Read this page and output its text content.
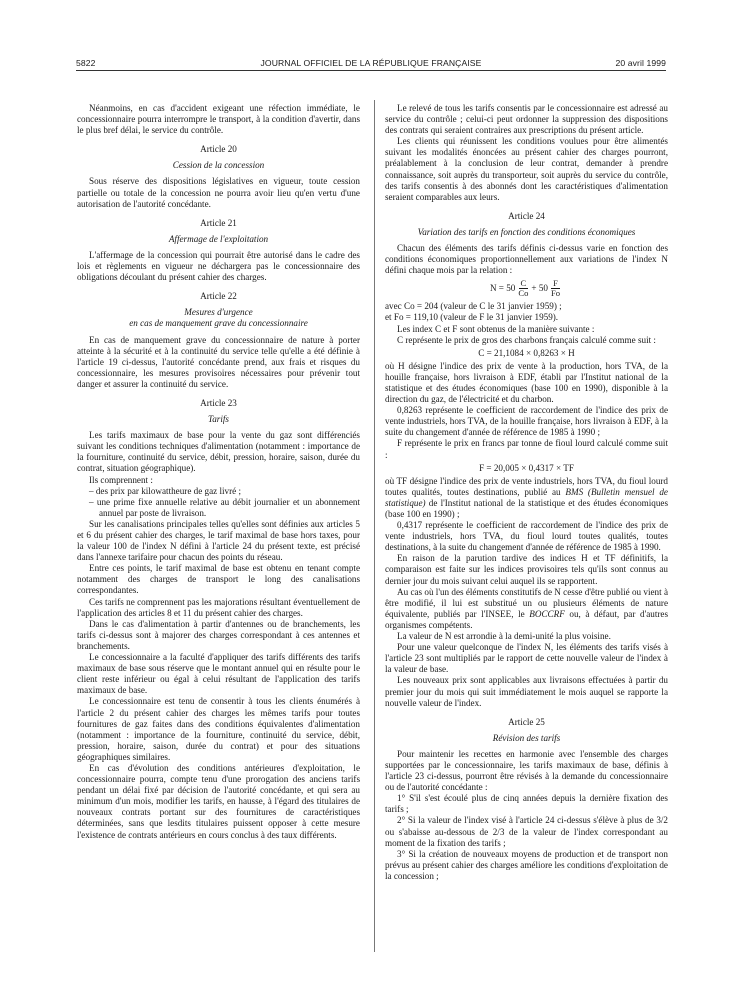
5822	JOURNAL OFFICIEL DE LA RÉPUBLIQUE FRANÇAISE	20 avril 1999

Néanmoins, en cas d'accident exigeant une réfection immédiate, le concessionnaire pourra interrompre le transport, à la condition d'avertir, dans le plus bref délai, le service du contrôle.

Article 20

Cession de la concession

Sous réserve des dispositions législatives en vigueur, toute cession partielle ou totale de la concession ne pourra avoir lieu qu'en vertu d'une autorisation de l'autorité concédante.

Article 21

Affermage de l'exploitation

L'affermage de la concession qui pourrait être autorisé dans le cadre des lois et règlements en vigueur ne déchargera pas le concessionnaire des obligations découlant du présent cahier des charges.

Article 22

Mesures d'urgence

en cas de manquement grave du concessionnaire

En cas de manquement grave du concessionnaire de nature à porter atteinte à la sécurité et à la continuité du service telle qu'elle a été définie à l'article 19 ci-dessus, l'autorité concédante prend, aux frais et risques du concessionnaire, les mesures provisoires nécessaires pour prévenir tout danger et assurer la continuité du service.

Article 23

Tarifs

Les tarifs maximaux de base pour la vente du gaz sont différenciés suivant les conditions techniques d'alimentation (notamment : importance de la fourniture, continuité du service, débit, pression, horaire, saison, durée du contrat, situation géographique).

Ils comprennent :

– des prix par kilowattheure de gaz livré ;

– une prime fixe annuelle relative au débit journalier et un abonnement annuel par poste de livraison.

Sur les canalisations principales telles qu'elles sont définies aux articles 5 et 6 du présent cahier des charges, le tarif maximal de base hors taxes, pour la valeur 100 de l'index N défini à l'article 24 du présent texte, est précisé dans l'annexe tarifaire pour chacun des points du réseau.

Entre ces points, le tarif maximal de base est obtenu en tenant compte notamment des charges de transport le long des canalisations correspondantes.

Ces tarifs ne comprennent pas les majorations résultant éventuellement de l'application des articles 8 et 11 du présent cahier des charges.

Dans le cas d'alimentation à partir d'antennes ou de branchements, les tarifs ci-dessus sont à majorer des charges correspondant à ces antennes et branchements.

Le concessionnaire a la faculté d'appliquer des tarifs différents des tarifs maximaux de base sous réserve que le montant annuel qui en résulte pour le client reste inférieur ou égal à celui résultant de l'application des tarifs maximaux de base.

Le concessionnaire est tenu de consentir à tous les clients énumérés à l'article 2 du présent cahier des charges les mêmes tarifs pour toutes fournitures de gaz faites dans des conditions équivalentes d'alimentation (notamment : importance de la fourniture, continuité du service, débit, pression, horaire, saison, durée du contrat) et pour des situations géographiques similaires.

En cas d'évolution des conditions antérieures d'exploitation, le concessionnaire pourra, compte tenu d'une prorogation des anciens tarifs pendant un délai fixé par décision de l'autorité concédante, et qui sera au minimum d'un mois, modifier les tarifs, en hausse, à l'égard des titulaires de nouveaux contrats portant sur des fournitures de caractéristiques déterminées, sans que lesdits titulaires puissent opposer à cette mesure l'existence de contrats antérieurs en cours conclus à des taux différents.

Le relevé de tous les tarifs consentis par le concessionnaire est adressé au service du contrôle ; celui-ci peut ordonner la suppression des dispositions des contrats qui seraient contraires aux prescriptions du présent article.

Les clients qui réunissent les conditions voulues pour être alimentés suivant les modalités énoncées au présent cahier des charges pourront, préalablement à la conclusion de leur contrat, demander à prendre connaissance, soit auprès du transporteur, soit auprès du service du contrôle, des tarifs consentis à des abonnés dont les caractéristiques d'alimentation seraient comparables aux leurs.

Article 24

Variation des tarifs en fonction des conditions économiques

Chacun des éléments des tarifs définis ci-dessus varie en fonction des conditions économiques proportionnellement aux variations de l'index N défini chaque mois par la relation :

$N = 50 \frac{C}{Co} + 50 \frac{F}{Fo}$

avec Co = 204 (valeur de C le 31 janvier 1959) ;

et Fo = 119,10 (valeur de F le 31 janvier 1959).

Les index C et F sont obtenus de la manière suivante :

C représente le prix de gros des charbons français calculé comme suit :

C = 21,1084 × 0,8263 × H

où H désigne l'indice des prix de vente à la production, hors TVA, de la houille française, hors livraison à EDF, établi par l'Institut national de la statistique et des études économiques (base 100 en 1990), disponible à la direction du gaz, de l'électricité et du charbon.

0,8263 représente le coefficient de raccordement de l'indice des prix de vente industriels, hors TVA, de la houille française, hors livraison à EDF, à la suite du changement d'année de référence de 1985 à 1990 ;

F représente le prix en francs par tonne de fioul lourd calculé comme suit :

F = 20,005 × 0,4317 × TF

où TF désigne l'indice des prix de vente industriels, hors TVA, du fioul lourd toutes qualités, toutes destinations, publié au BMS (Bulletin mensuel de statistique) de l'Institut national de la statistique et des études économiques (base 100 en 1990) ;

0,4317 représente le coefficient de raccordement de l'indice des prix de vente industriels, hors TVA, du fioul lourd toutes qualités, toutes destinations, à la suite du changement d'année de référence de 1985 à 1990.

En raison de la parution tardive des indices H et TF définitifs, la comparaison est faite sur les indices provisoires tels qu'ils sont connus au dernier jour du mois suivant celui auquel ils se rapportent.

Au cas où l'un des éléments constitutifs de N cesse d'être publié ou vient à être modifié, il lui est substitué un ou plusieurs éléments de nature équivalente, publiés par l'INSEE, le BOCCRF ou, à défaut, par d'autres organismes compétents.

La valeur de N est arrondie à la demi-unité la plus voisine.

Pour une valeur quelconque de l'index N, les éléments des tarifs visés à l'article 23 sont multipliés par le rapport de cette nouvelle valeur de l'index à la valeur de base.

Les nouveaux prix sont applicables aux livraisons effectuées à partir du premier jour du mois qui suit immédiatement le mois auquel se rapporte la nouvelle valeur de l'index.

Article 25

Révision des tarifs

Pour maintenir les recettes en harmonie avec l'ensemble des charges supportées par le concessionnaire, les tarifs maximaux de base, définis à l'article 23 ci-dessus, pourront être révisés à la demande du concessionnaire ou de l'autorité concédante :

1° S'il s'est écoulé plus de cinq années depuis la dernière fixation des tarifs ;

2° Si la valeur de l'index visé à l'article 24 ci-dessus s'élève à plus de 3/2 ou s'abaisse au-dessous de 2/3 de la valeur de l'index correspondant au moment de la fixation des tarifs ;

3° Si la création de nouveaux moyens de production et de transport non prévus au présent cahier des charges améliore les conditions d'exploitation de la concession ;
